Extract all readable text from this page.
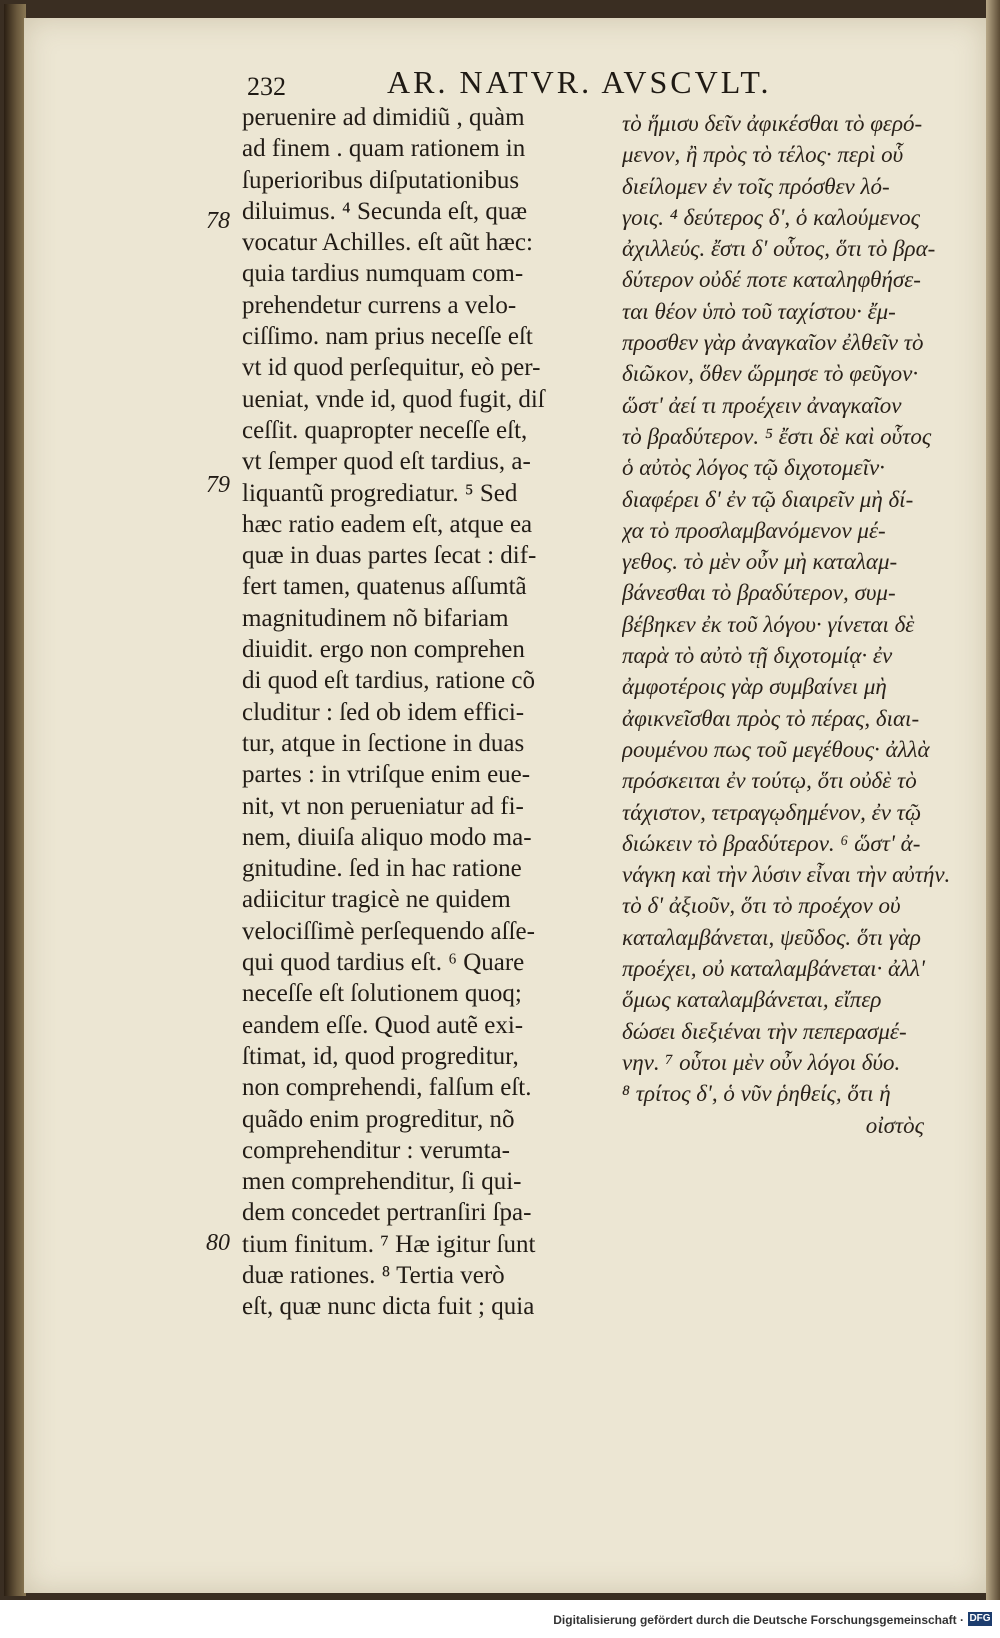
232	AR. NATVR. AVSCVLT.
78
79
80
peruenire ad dimidiũ , quàm
ad finem . quam rationem in
ſuperioribus diſputationibus
diluimus. ⁴ Secunda eſt, quæ
vocatur Achilles. eſt aũt hæc:
quia tardius numquam com-
prehendetur currens a velo-
ciſſimo. nam prius neceſſe eſt
vt id quod perſequitur, eò per-
ueniat, vnde id, quod fugit, diſ
ceſſit. quapropter neceſſe eſt,
vt ſemper quod eſt tardius, a-
liquantũ progrediatur. ⁵ Sed
hæc ratio eadem eſt, atque ea
quæ in duas partes ſecat : dif-
fert tamen, quatenus aſſumtã
magnitudinem nõ bifariam
diuidit. ergo non comprehen
di quod eſt tardius, ratione cõ
cluditur : ſed ob idem effici-
tur, atque in ſectione in duas
partes : in vtriſque enim eue-
nit, vt non perueniatur ad fi-
nem, diuiſa aliquo modo ma-
gnitudine. ſed in hac ratione
adiicitur tragicè ne quidem
velociſſimè perſequendo aſſe-
qui quod tardius eſt. ⁶ Quare
neceſſe eſt ſolutionem quoq;
eandem eſſe. Quod autẽ exi-
ſtimat, id, quod progreditur,
non comprehendi, falſum eſt.
quãdo enim progreditur, nõ
comprehenditur : verumta-
men comprehenditur, ſi qui-
dem concedet pertranſiri ſpa-
tium finitum. ⁷ Hæ igitur ſunt
duæ rationes. ⁸ Tertia verò
eſt, quæ nunc dicta fuit ; quia
τὸ ἥμισυ δεῖν ἀφικέσθαι τὸ φερό-
μενον, ἢ πρὸς τὸ τέλος· περὶ οὗ
διείλομεν ἐν τοῖς πρόσθεν λό-
γοις. ⁴ δεύτερος δ', ὁ καλούμενος
ἀχιλλεύς. ἔστι δ' οὗτος, ὅτι τὸ βρα-
δύτερον οὐδέ ποτε καταληφθήσε-
ται θέον ὑπὸ τοῦ ταχίστου· ἔμ-
προσθεν γὰρ ἀναγκαῖον ἐλθεῖν τὸ
διῶκον, ὅθεν ὥρμησε τὸ φεῦγον·
ὥστ' ἀεί τι προέχειν ἀναγκαῖον
τὸ βραδύτερον. ⁵ ἔστι δὲ καὶ οὗτος
ὁ αὐτὸς λόγος τῷ διχοτομεῖν·
διαφέρει δ' ἐν τῷ διαιρεῖν μὴ δί-
χα τὸ προσλαμβανόμενον μέ-
γεθος. τὸ μὲν οὖν μὴ καταλαμ-
βάνεσθαι τὸ βραδύτερον, συμ-
βέβηκεν ἐκ τοῦ λόγου· γίνεται δὲ
παρὰ τὸ αὐτὸ τῇ διχοτομίᾳ· ἐν
ἀμφοτέροις γὰρ συμβαίνει μὴ
ἀφικνεῖσθαι πρὸς τὸ πέρας, διαι-
ρουμένου πως τοῦ μεγέθους· ἀλλὰ
πρόσκειται ἐν τούτῳ, ὅτι οὐδὲ τὸ
τάχιστον, τετραγῳδημένον, ἐν τῷ
διώκειν τὸ βραδύτερον. ⁶ ὥστ' ἀ-
νάγκη καὶ τὴν λύσιν εἶναι τὴν αὐτήν.
τὸ δ' ἀξιοῦν, ὅτι τὸ προέχον οὐ
καταλαμβάνεται, ψεῦδος. ὅτι γὰρ
προέχει, οὐ καταλαμβάνεται· ἀλλ'
ὅμως καταλαμβάνεται, εἴπερ
δώσει διεξιέναι τὴν πεπερασμέ-
νην. ⁷ οὗτοι μὲν οὖν λόγοι δύο.
⁸ τρίτος δ', ὁ νῦν ῥηθείς, ὅτι ἡ
οἰστὸς
Digitalisierung gefördert durch die Deutsche Forschungsgemeinschaft · DFG
